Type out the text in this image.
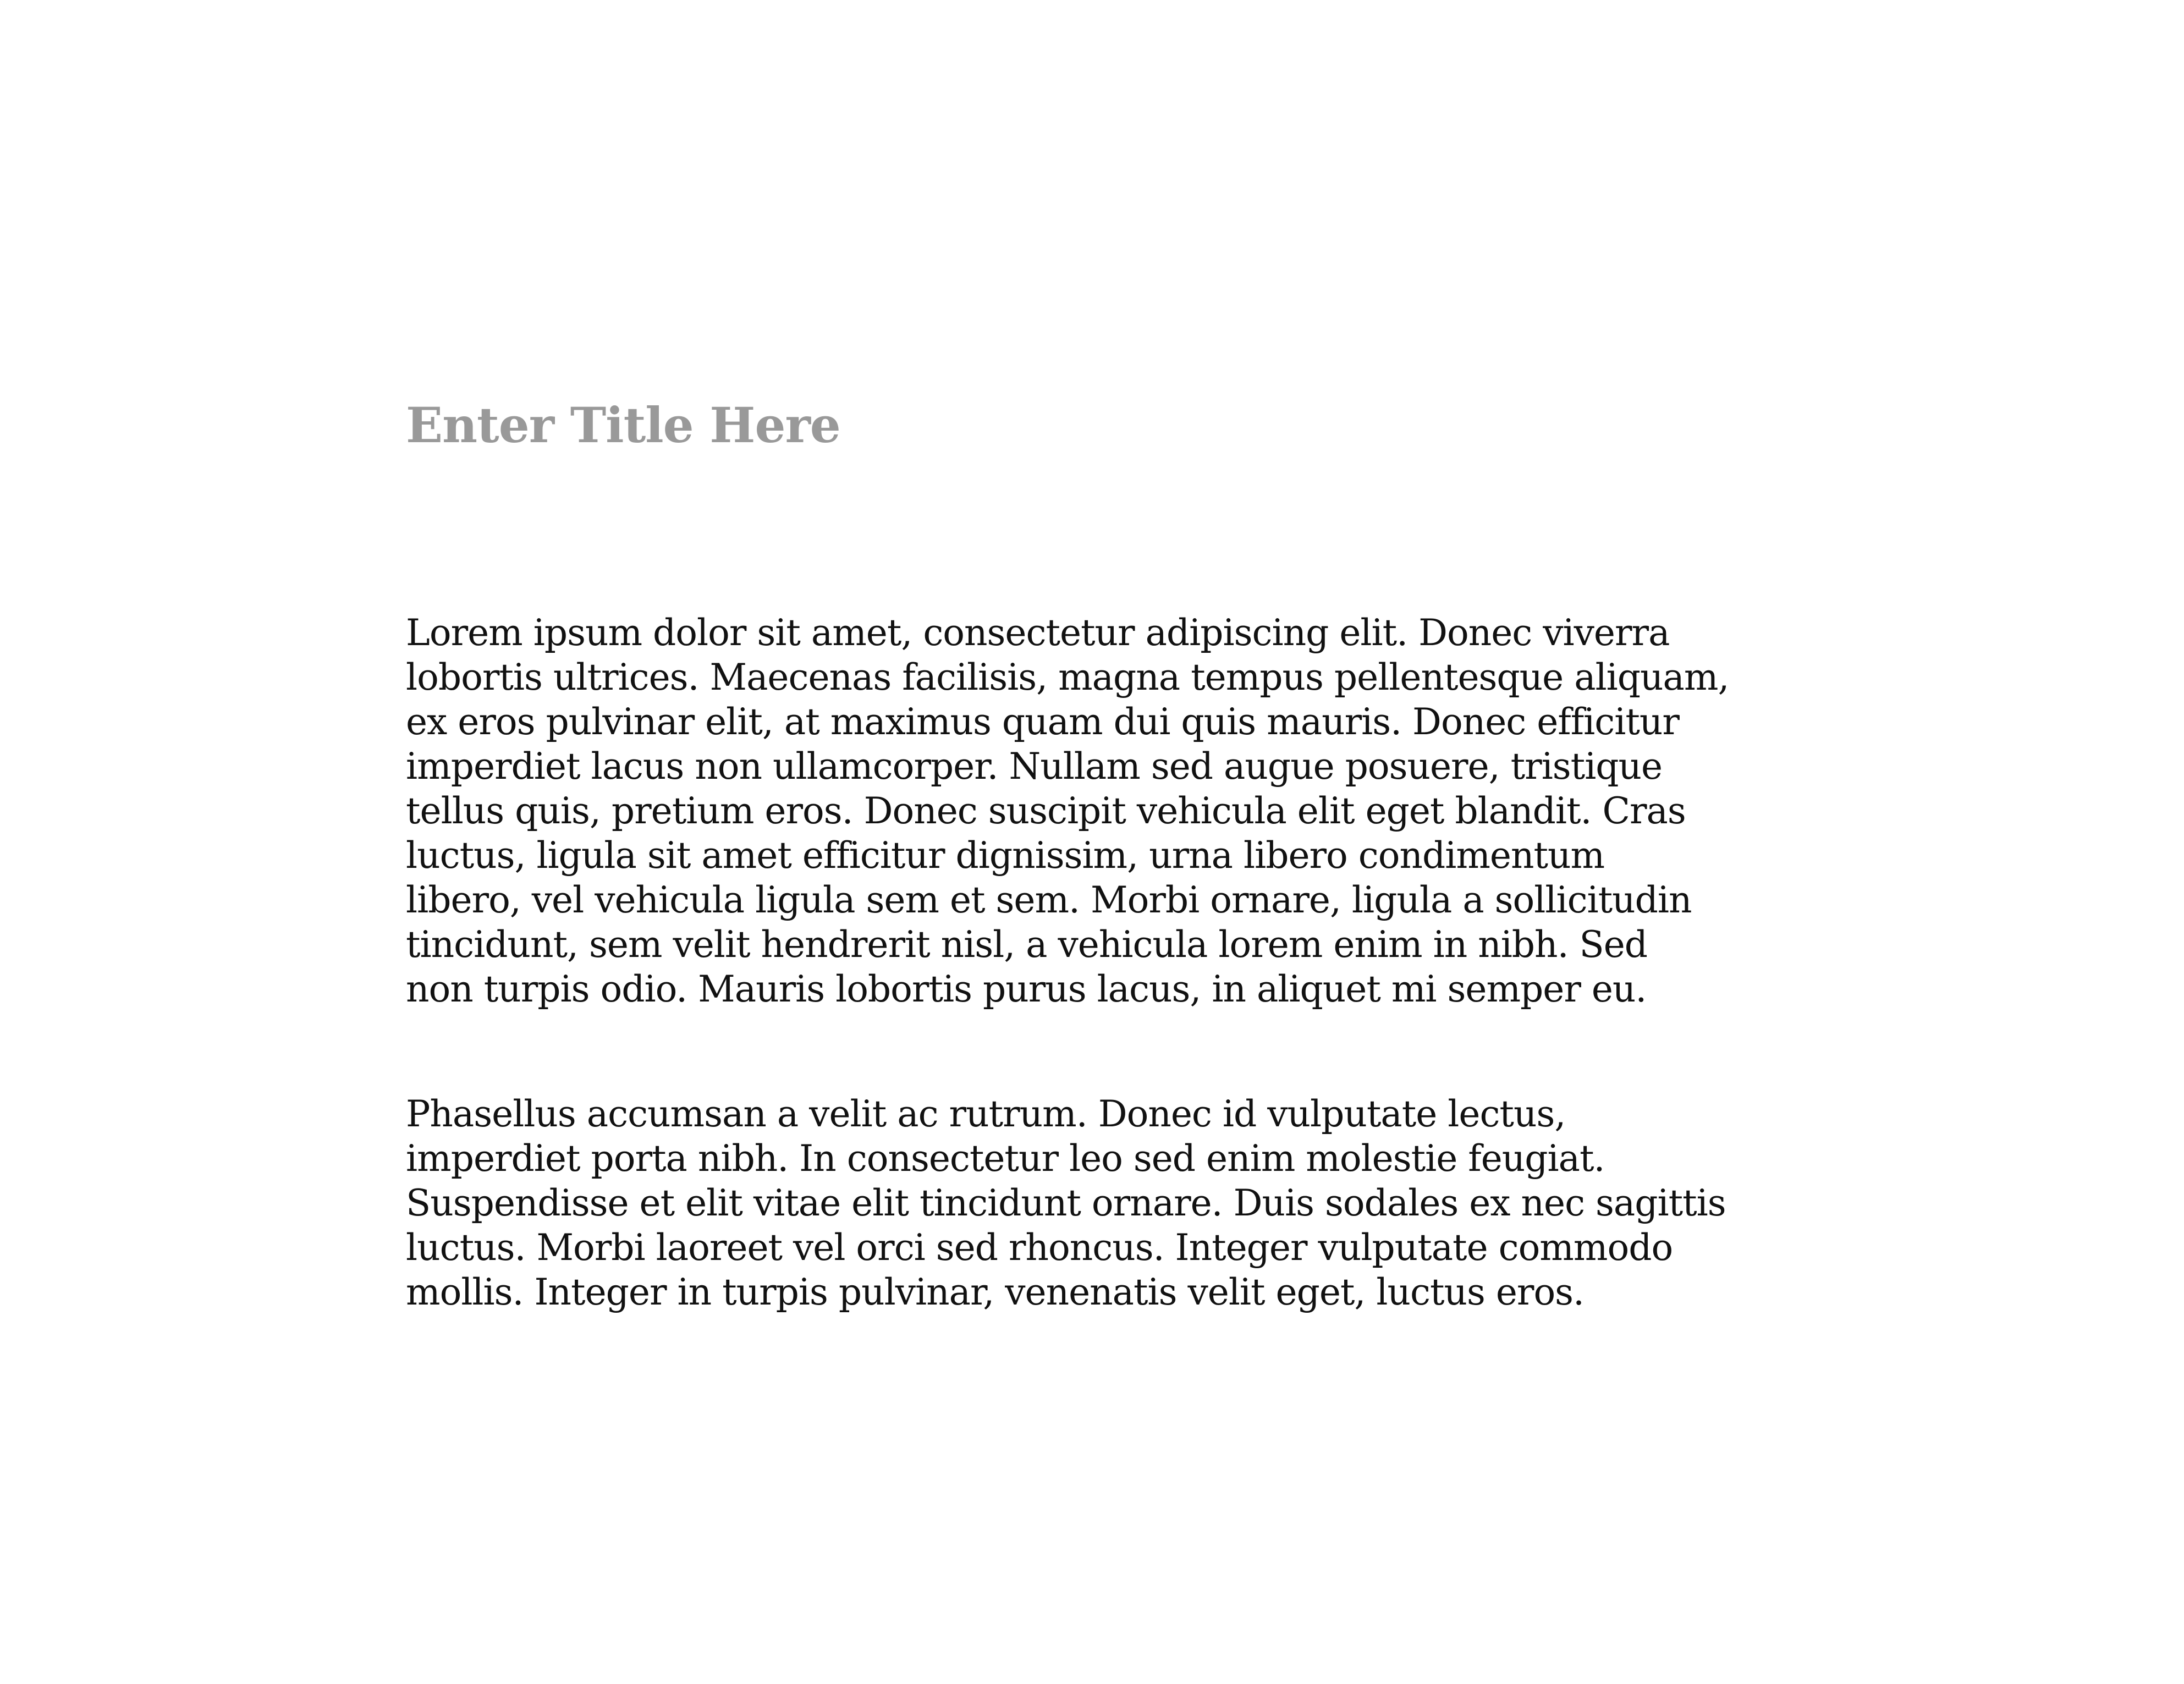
Enter Title Here

Lorem ipsum dolor sit amet, consectetur adipiscing elit. Donec viverra
lobortis ultrices. Maecenas facilisis, magna tempus pellentesque aliquam,
ex eros pulvinar elit, at maximus quam dui quis mauris. Donec efficitur
imperdiet lacus non ullamcorper. Nullam sed augue posuere, tristique
tellus quis, pretium eros. Donec suscipit vehicula elit eget blandit. Cras
luctus, ligula sit amet efficitur dignissim, urna libero condimentum
libero, vel vehicula ligula sem et sem. Morbi ornare, ligula a sollicitudin
tincidunt, sem velit hendrerit nisl, a vehicula lorem enim in nibh. Sed
non turpis odio. Mauris lobortis purus lacus, in aliquet mi semper eu.

Phasellus accumsan a velit ac rutrum. Donec id vulputate lectus,
imperdiet porta nibh. In consectetur leo sed enim molestie feugiat.
Suspendisse et elit vitae elit tincidunt ornare. Duis sodales ex nec sagittis
luctus. Morbi laoreet vel orci sed rhoncus. Integer vulputate commodo
mollis. Integer in turpis pulvinar, venenatis velit eget, luctus eros.
